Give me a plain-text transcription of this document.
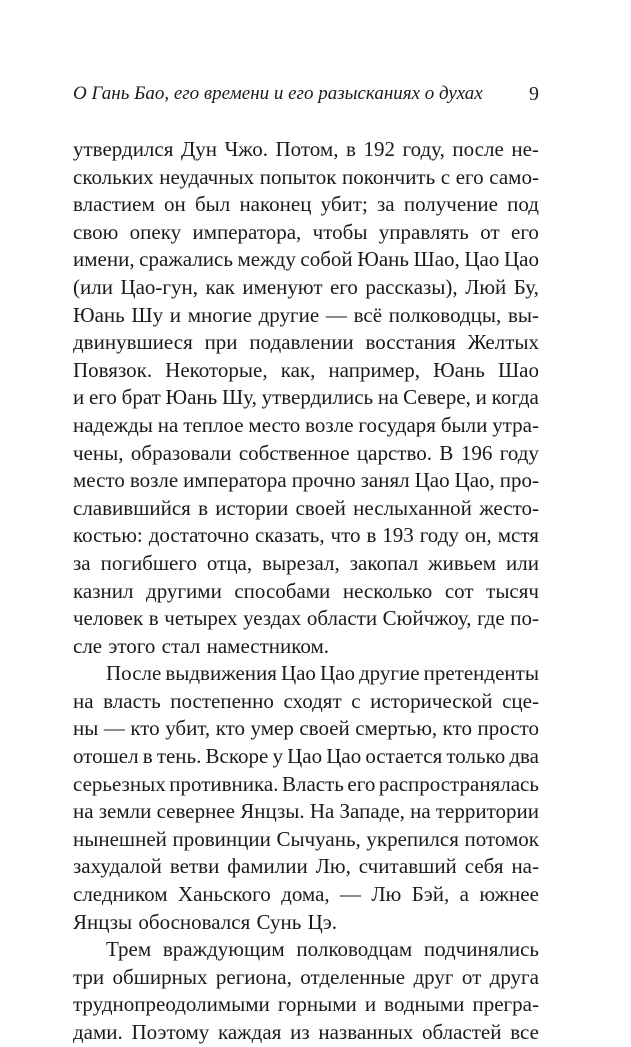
О Гань Бао, его времени и его разысканиях о духах 9
утвердился Дун Чжо. Потом, в 192 году, после не-
скольких неудачных попыток покончить с его само-
властием он был наконец убит; за получение под
свою опеку императора, чтобы управлять от его
имени, сражались между собой Юань Шао, Цао Цао
(или Цао-гун, как именуют его рассказы), Люй Бу,
Юань Шу и многие другие — всё полководцы, вы-
двинувшиеся при подавлении восстания Желтых
Повязок. Некоторые, как, например, Юань Шао
и его брат Юань Шу, утвердились на Севере, и когда
надежды на теплое место возле государя были утра-
чены, образовали собственное царство. В 196 году
место возле императора прочно занял Цао Цао, про-
славившийся в истории своей неслыханной жесто-
костью: достаточно сказать, что в 193 году он, мстя
за погибшего отца, вырезал, закопал живьем или
казнил другими способами несколько сот тысяч
человек в четырех уездах области Сюйчжоу, где по-
сле этого стал наместником.
После выдвижения Цао Цао другие претенденты
на власть постепенно сходят с исторической сце-
ны — кто убит, кто умер своей смертью, кто просто
отошел в тень. Вскоре у Цао Цао остается только два
серьезных противника. Власть его распространялась
на земли севернее Янцзы. На Западе, на территории
нынешней провинции Сычуань, укрепился потомок
захудалой ветви фамилии Лю, считавший себя на-
следником Ханьского дома, — Лю Бэй, а южнее
Янцзы обосновался Сунь Цэ.
Трем враждующим полководцам подчинялись
три обширных региона, отделенные друг от друга
труднопреодолимыми горными и водными прегра-
дами. Поэтому каждая из названных областей все
